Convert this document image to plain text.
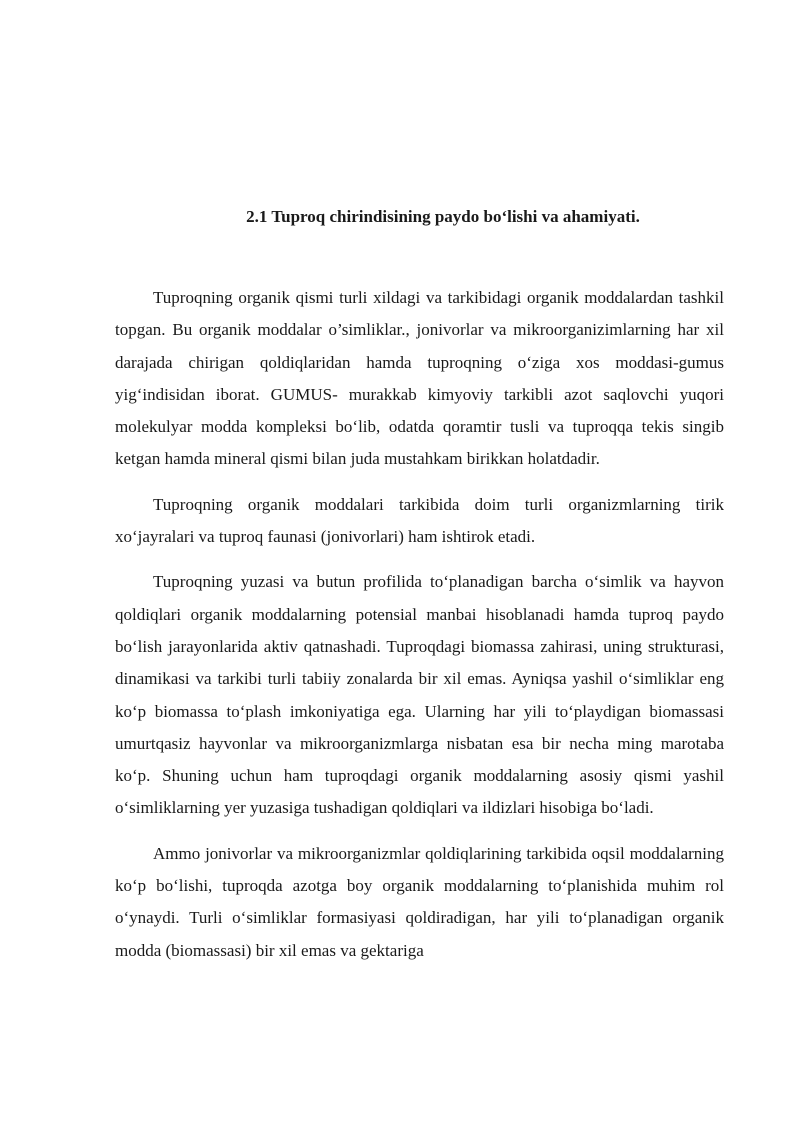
2.1 Tuproq chirindisining paydo bo‘lishi va ahamiyati.

Tuproqning organik qismi turli xildagi va tarkibidagi organik moddalardan tashkil topgan. Bu organik moddalar o’simliklar., jonivorlar va mikroorganizimlarning har xil darajada chirigan qoldiqlaridan hamda tuproqning o‘ziga xos moddasi-gumus yig‘indisidan iborat. GUMUS- murakkab kimyoviy tarkibli azot saqlovchi yuqori molekulyar modda kompleksi bo‘lib, odatda qoramtir tusli va tuproqqa tekis singib ketgan hamda mineral qismi bilan juda mustahkam birikkan holatdadir.

Tuproqning organik moddalari tarkibida doim turli organizmlarning tirik xo‘jayralari va tuproq faunasi (jonivorlari) ham ishtirok etadi.

Tuproqning yuzasi va butun profilida to‘planadigan barcha o‘simlik va hayvon qoldiqlari organik moddalarning potensial manbai hisoblanadi hamda tuproq paydo bo‘lish jarayonlarida aktiv qatnashadi. Tuproqdagi biomassa zahirasi, uning strukturasi, dinamikasi va tarkibi turli tabiiy zonalarda bir xil emas. Ayniqsa yashil o‘simliklar eng ko‘p biomassa to‘plash imkoniyatiga ega. Ularning har yili to‘playdigan biomassasi umurtqasiz hayvonlar va mikroorganizmlarga nisbatan esa bir necha ming marotaba ko‘p. Shuning uchun ham tuproqdagi organik moddalarning asosiy qismi yashil o‘simliklarning yer yuzasiga tushadigan qoldiqlari va ildizlari hisobiga bo‘ladi.

Ammo jonivorlar va mikroorganizmlar qoldiqlarining tarkibida oqsil moddalarning ko‘p bo‘lishi, tuproqda azotga boy organik moddalarning to‘planishida muhim rol o‘ynaydi. Turli o‘simliklar formasiyasi qoldiradigan, har yili to‘planadigan organik modda (biomassasi) bir xil emas va gektariga
